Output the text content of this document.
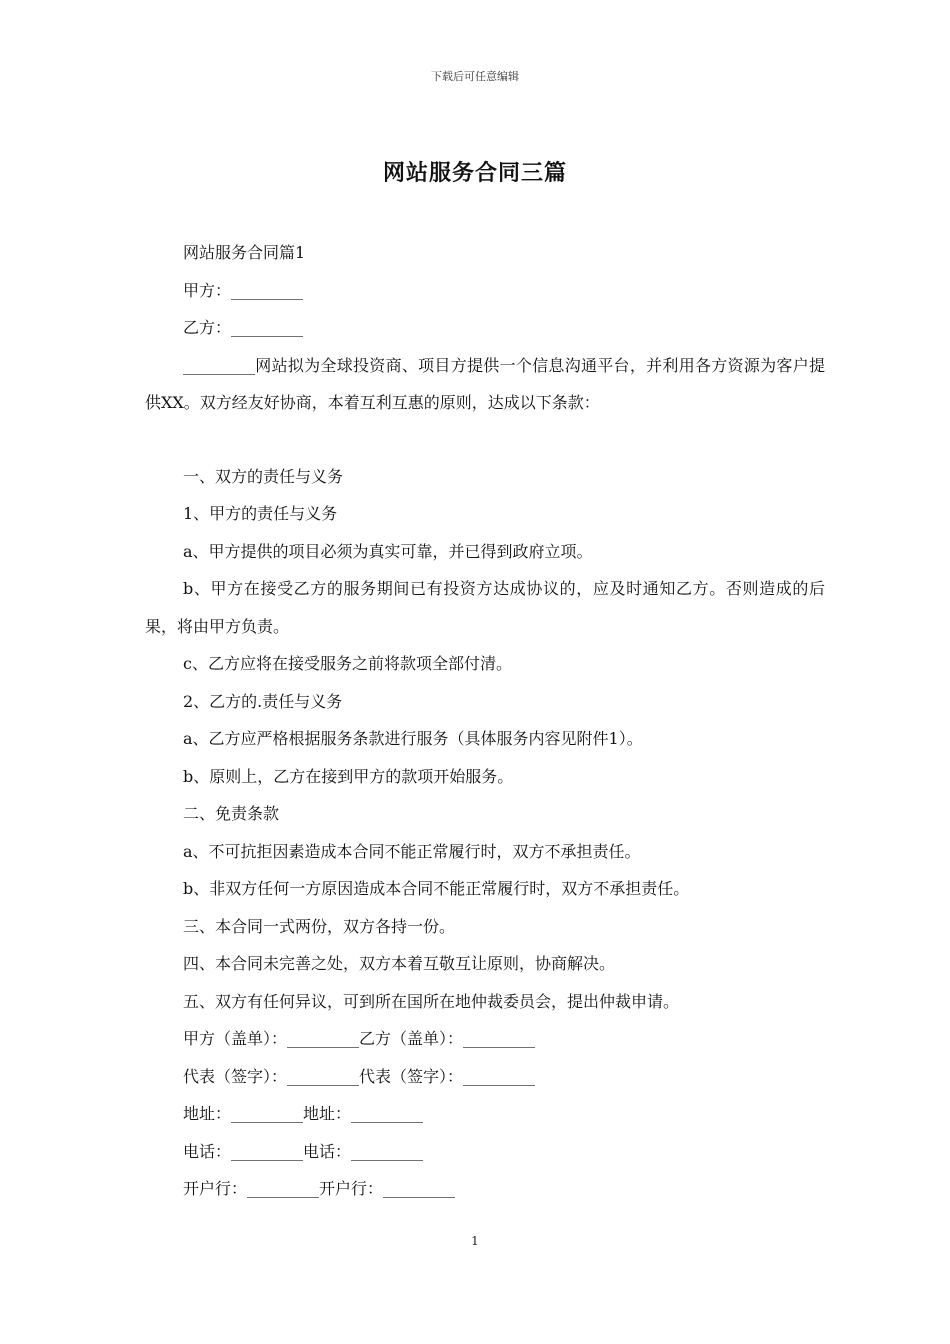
下载后可任意编辑
网站服务合同三篇

网站服务合同篇1

甲方：_________

乙方：_________

_________网站拟为全球投资商、项目方提供一个信息沟通平台，并利用各方资源为客户提供XX。双方经友好协商，本着互利互惠的原则，达成以下条款：

一、双方的责任与义务

1、甲方的责任与义务

a、甲方提供的项目必须为真实可靠，并已得到政府立项。

b、甲方在接受乙方的服务期间已有投资方达成协议的，应及时通知乙方。否则造成的后果，将由甲方负责。

c、乙方应将在接受服务之前将款项全部付清。

2、乙方的.责任与义务

a、乙方应严格根据服务条款进行服务（具体服务内容见附件1）。

b、原则上，乙方在接到甲方的款项开始服务。

二、免责条款

a、不可抗拒因素造成本合同不能正常履行时，双方不承担责任。

b、非双方任何一方原因造成本合同不能正常履行时，双方不承担责任。

三、本合同一式两份，双方各持一份。

四、本合同未完善之处，双方本着互敬互让原则，协商解决。

五、双方有任何异议，可到所在国所在地仲裁委员会，提出仲裁申请。

甲方（盖单）：_________乙方（盖单）：_________

代表（签字）：_________代表（签字）：_________

地址：_________地址：_________

电话：_________电话：_________

开户行：_________开户行：_________

1
